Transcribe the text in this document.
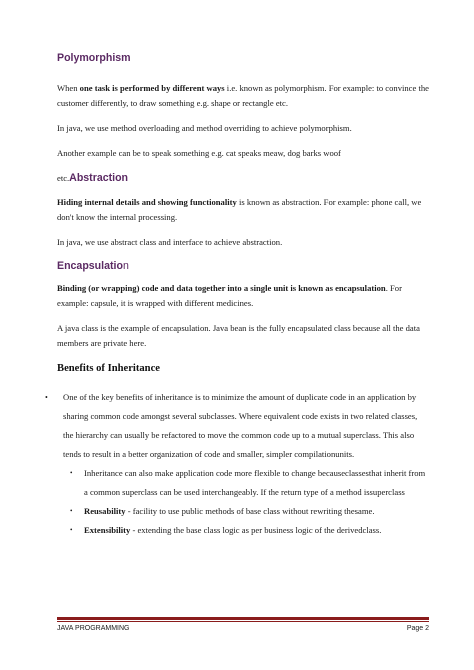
Polymorphism

When one task is performed by different ways i.e. known as polymorphism. For example: to convince the customer differently, to draw something e.g. shape or rectangle etc.

In java, we use method overloading and method overriding to achieve polymorphism.

Another example can be to speak something e.g. cat speaks meaw, dog barks woof

etc.Abstraction

Hiding internal details and showing functionality is known as abstraction. For example: phone call, we don't know the internal processing.

In java, we use abstract class and interface to achieve abstraction.

Encapsulation

Binding (or wrapping) code and data together into a single unit is known as encapsulation. For example: capsule, it is wrapped with different medicines.

A java class is the example of encapsulation. Java bean is the fully encapsulated class because all the data members are private here.

Benefits of Inheritance
• One of the key benefits of inheritance is to minimize the amount of duplicate code in an application by sharing common code amongst several subclasses. Where equivalent code exists in two related classes, the hierarchy can usually be refactored to move the common code up to a mutual superclass. This also tends to result in a better organization of code and smaller, simpler compilationunits.
• Inheritance can also make application code more flexible to change becauseclassesthat inherit from a common superclass can be used interchangeably. If the return type of a method issuperclass
• Reusability - facility to use public methods of base class without rewriting thesame.
• Extensibility - extending the base class logic as per business logic of the derivedclass.
JAVA PROGRAMMING	Page 2
